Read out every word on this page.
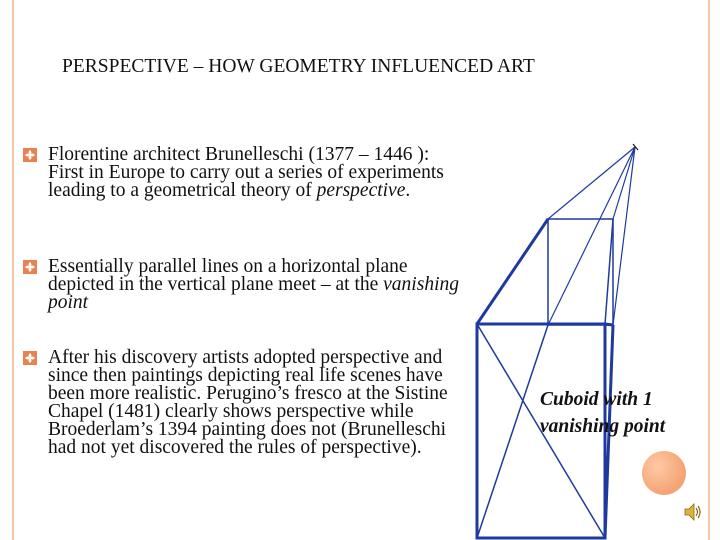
PERSPECTIVE – HOW GEOMETRY INFLUENCED ART

Florentine architect Brunelleschi (1377 – 1446 ): First in Europe to carry out a series of experiments leading to a geometrical theory of perspective.

Essentially parallel lines on a horizontal plane depicted in the vertical plane meet – at the vanishing point

After his discovery artists adopted perspective and since then paintings depicting real life scenes have been more realistic. Perugino’s fresco at the Sistine Chapel (1481) clearly shows perspective while Broederlam’s 1394 painting does not (Brunelleschi had not yet discovered the rules of perspective).

Cuboid with 1
vanishing point
